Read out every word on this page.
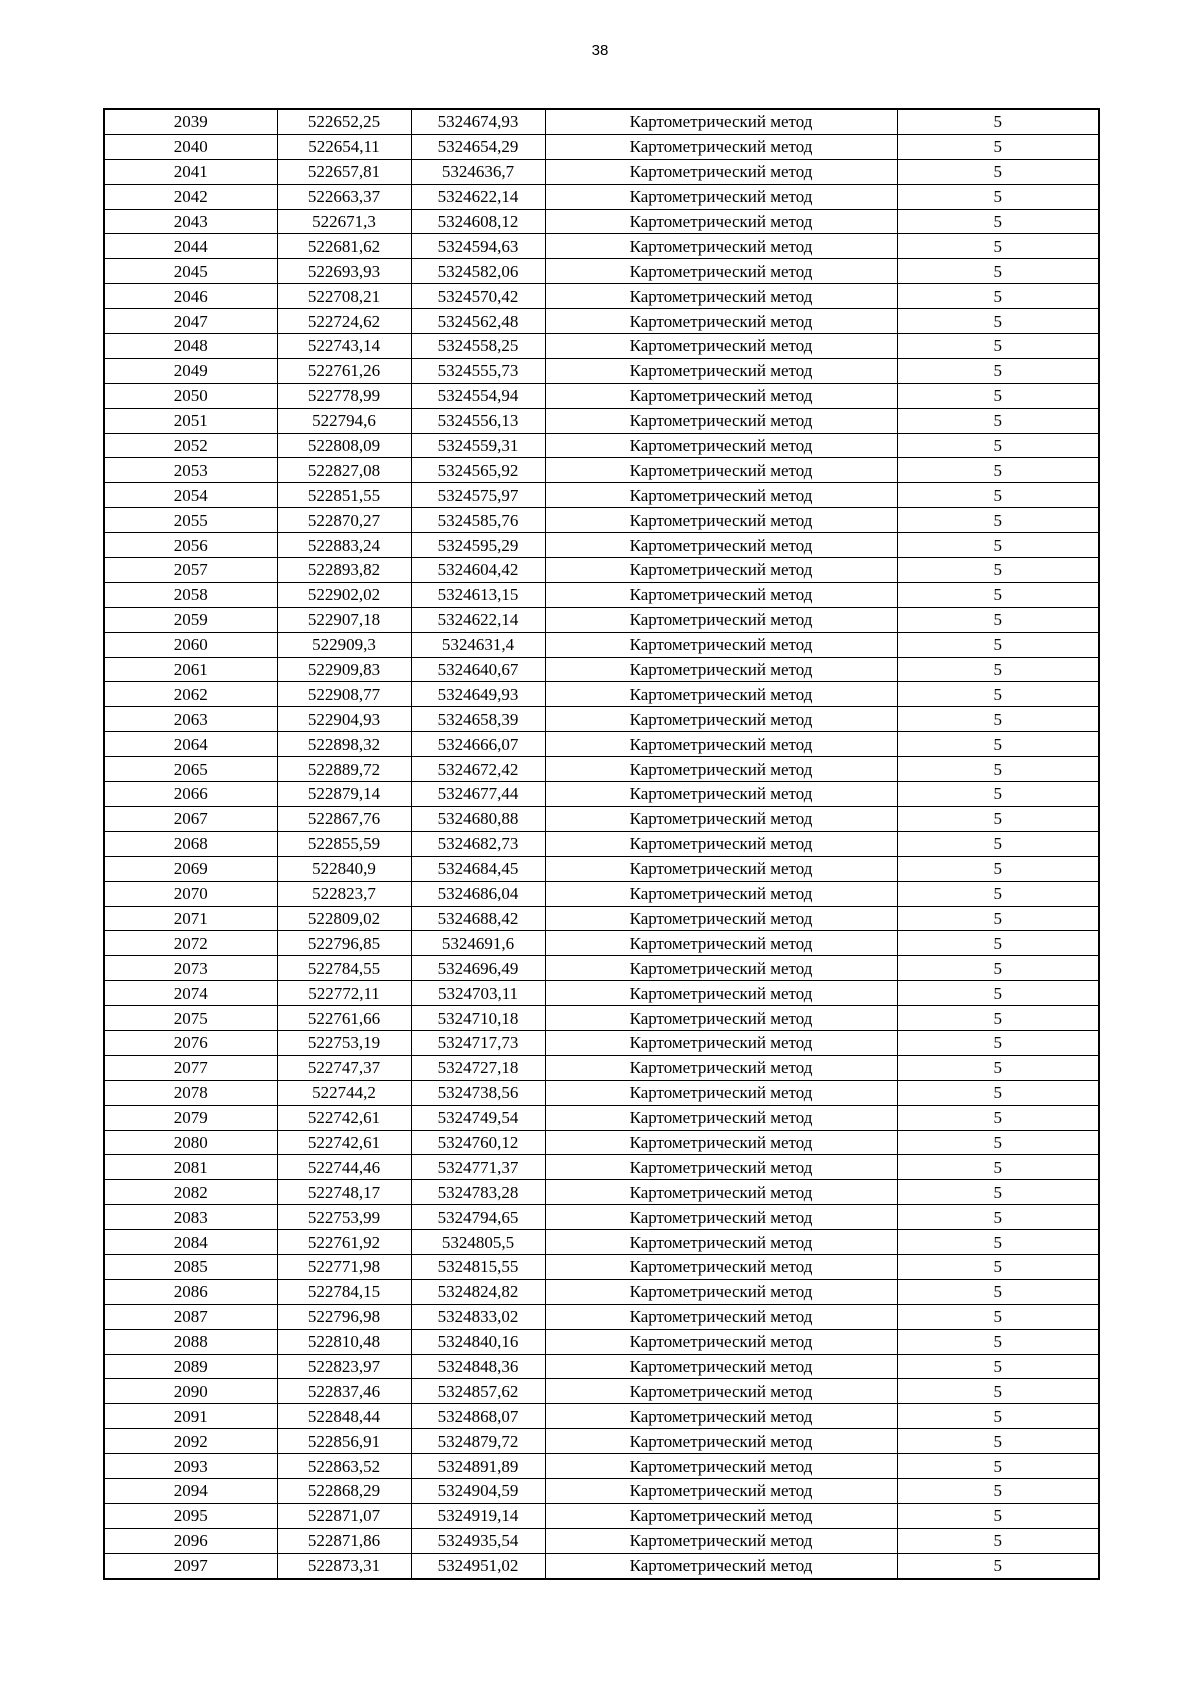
38
2039	522652,25	5324674,93	Картометрический метод	5
2040	522654,11	5324654,29	Картометрический метод	5
2041	522657,81	5324636,7	Картометрический метод	5
2042	522663,37	5324622,14	Картометрический метод	5
2043	522671,3	5324608,12	Картометрический метод	5
2044	522681,62	5324594,63	Картометрический метод	5
2045	522693,93	5324582,06	Картометрический метод	5
2046	522708,21	5324570,42	Картометрический метод	5
2047	522724,62	5324562,48	Картометрический метод	5
2048	522743,14	5324558,25	Картометрический метод	5
2049	522761,26	5324555,73	Картометрический метод	5
2050	522778,99	5324554,94	Картометрический метод	5
2051	522794,6	5324556,13	Картометрический метод	5
2052	522808,09	5324559,31	Картометрический метод	5
2053	522827,08	5324565,92	Картометрический метод	5
2054	522851,55	5324575,97	Картометрический метод	5
2055	522870,27	5324585,76	Картометрический метод	5
2056	522883,24	5324595,29	Картометрический метод	5
2057	522893,82	5324604,42	Картометрический метод	5
2058	522902,02	5324613,15	Картометрический метод	5
2059	522907,18	5324622,14	Картометрический метод	5
2060	522909,3	5324631,4	Картометрический метод	5
2061	522909,83	5324640,67	Картометрический метод	5
2062	522908,77	5324649,93	Картометрический метод	5
2063	522904,93	5324658,39	Картометрический метод	5
2064	522898,32	5324666,07	Картометрический метод	5
2065	522889,72	5324672,42	Картометрический метод	5
2066	522879,14	5324677,44	Картометрический метод	5
2067	522867,76	5324680,88	Картометрический метод	5
2068	522855,59	5324682,73	Картометрический метод	5
2069	522840,9	5324684,45	Картометрический метод	5
2070	522823,7	5324686,04	Картометрический метод	5
2071	522809,02	5324688,42	Картометрический метод	5
2072	522796,85	5324691,6	Картометрический метод	5
2073	522784,55	5324696,49	Картометрический метод	5
2074	522772,11	5324703,11	Картометрический метод	5
2075	522761,66	5324710,18	Картометрический метод	5
2076	522753,19	5324717,73	Картометрический метод	5
2077	522747,37	5324727,18	Картометрический метод	5
2078	522744,2	5324738,56	Картометрический метод	5
2079	522742,61	5324749,54	Картометрический метод	5
2080	522742,61	5324760,12	Картометрический метод	5
2081	522744,46	5324771,37	Картометрический метод	5
2082	522748,17	5324783,28	Картометрический метод	5
2083	522753,99	5324794,65	Картометрический метод	5
2084	522761,92	5324805,5	Картометрический метод	5
2085	522771,98	5324815,55	Картометрический метод	5
2086	522784,15	5324824,82	Картометрический метод	5
2087	522796,98	5324833,02	Картометрический метод	5
2088	522810,48	5324840,16	Картометрический метод	5
2089	522823,97	5324848,36	Картометрический метод	5
2090	522837,46	5324857,62	Картометрический метод	5
2091	522848,44	5324868,07	Картометрический метод	5
2092	522856,91	5324879,72	Картометрический метод	5
2093	522863,52	5324891,89	Картометрический метод	5
2094	522868,29	5324904,59	Картометрический метод	5
2095	522871,07	5324919,14	Картометрический метод	5
2096	522871,86	5324935,54	Картометрический метод	5
2097	522873,31	5324951,02	Картометрический метод	5
